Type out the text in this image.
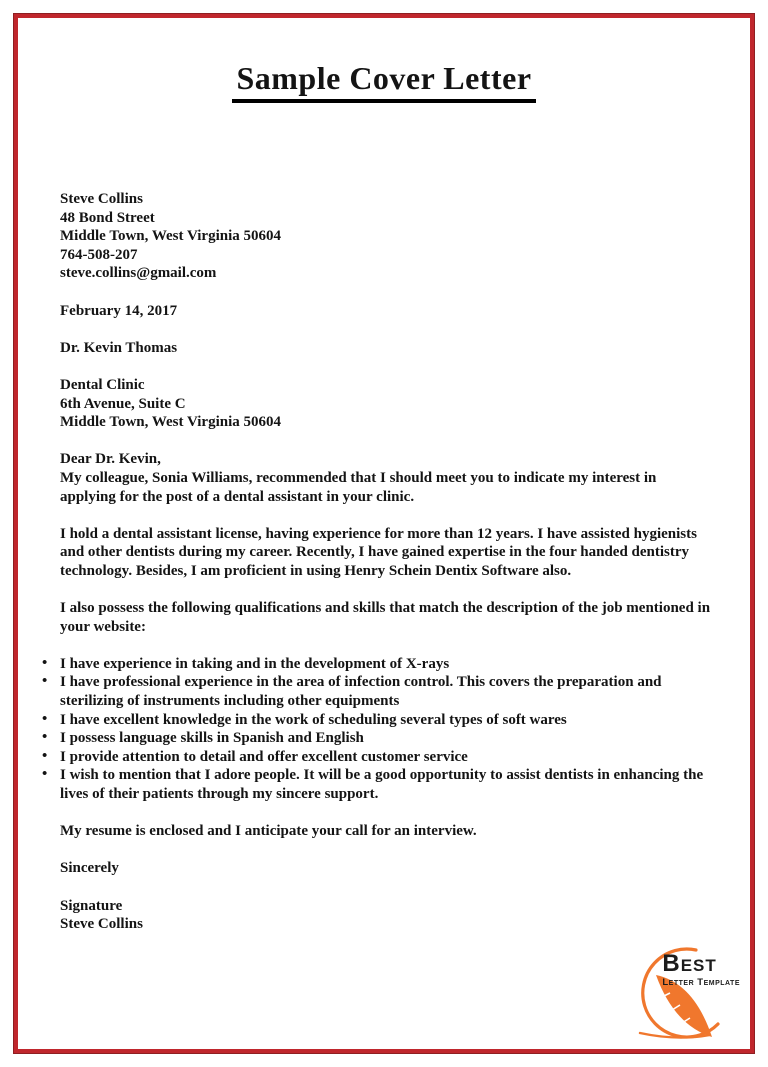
Sample Cover Letter
Steve Collins
48 Bond Street
Middle Town, West Virginia 50604
764-508-207
steve.collins@gmail.com
February 14, 2017
Dr. Kevin Thomas
Dental Clinic
6th Avenue, Suite C
Middle Town, West Virginia 50604
Dear Dr. Kevin,
My colleague, Sonia Williams, recommended that I should meet you to indicate my interest in applying for the post of a dental assistant in your clinic.
I hold a dental assistant license, having experience for more than 12 years. I have assisted hygienists and other dentists during my career. Recently, I have gained expertise in the four handed dentistry technology. Besides, I am proficient in using Henry Schein Dentix Software also.
I also possess the following qualifications and skills that match the description of the job mentioned in your website:
• I have experience in taking and in the development of X-rays
• I have professional experience in the area of infection control. This covers the preparation and sterilizing of instruments including other equipments
• I have excellent knowledge in the work of scheduling several types of soft wares
• I possess language skills in Spanish and English
• I provide attention to detail and offer excellent customer service
• I wish to mention that I adore people. It will be a good opportunity to assist dentists in enhancing the lives of their patients through my sincere support.
My resume is enclosed and I anticipate your call for an interview.
Sincerely
Signature
Steve Collins
Best
Letter Template
